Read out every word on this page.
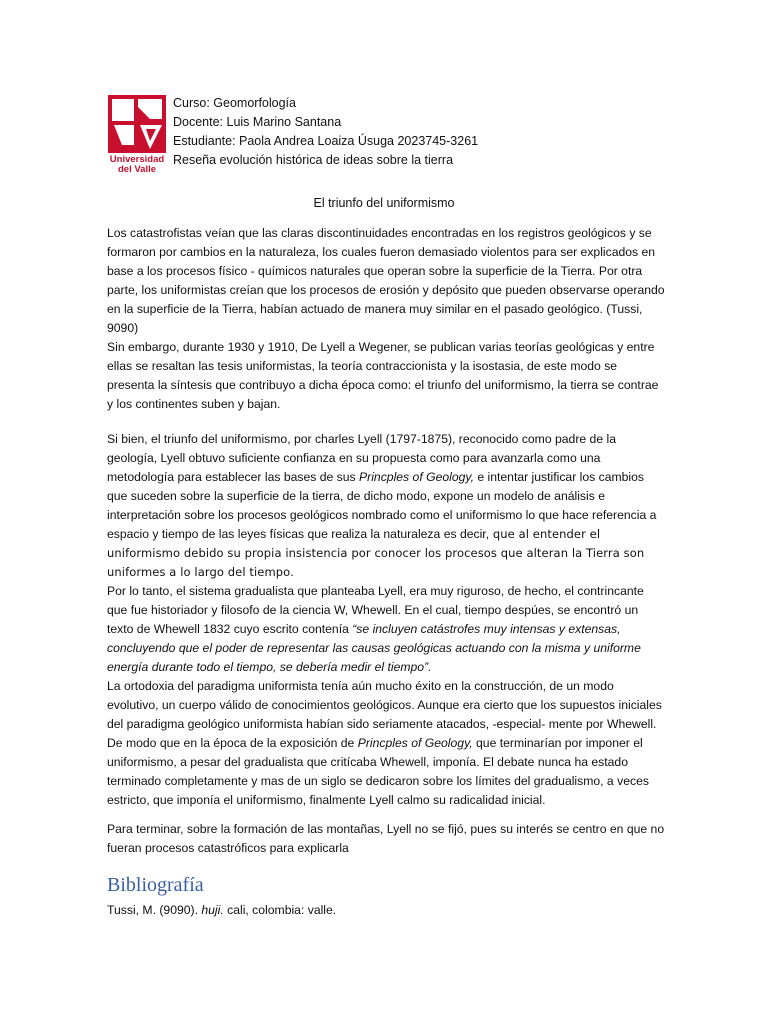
Universidad
del Valle
Curso: Geomorfología
Docente: Luis Marino Santana
Estudiante: Paola Andrea Loaiza Úsuga 2023745-3261
Reseña evolución histórica de ideas sobre la tierra
El triunfo del uniformismo

Los catastrofistas veían que las claras discontinuidades encontradas en los registros geológicos y se formaron por cambios en la naturaleza, los cuales fueron demasiado violentos para ser explicados en base a los procesos físico - químicos naturales que operan sobre la superficie de la Tierra. Por otra parte, los uniformistas creían que los procesos de erosión y depósito que pueden observarse operando en la superficie de la Tierra, habían actuado de manera muy similar en el pasado geológico. (Tussi, 9090)

Sin embargo, durante 1930 y 1910, De Lyell a Wegener, se publican varias teorías geológicas y entre ellas se resaltan las tesis uniformistas, la teoría contraccionista y la isostasia, de este modo se presenta la síntesis que contribuyo a dicha época como: el triunfo del uniformismo, la tierra se contrae y los continentes suben y bajan.

Si bien, el triunfo del uniformismo, por charles Lyell (1797-1875), reconocido como padre de la geología, Lyell obtuvo suficiente confianza en su propuesta como para avanzarla como una metodología para establecer las bases de sus Princples of Geology, e intentar justificar los cambios que suceden sobre la superficie de la tierra, de dicho modo, expone un modelo de análisis e interpretación sobre los procesos geológicos nombrado como el uniformismo lo que hace referencia a espacio y tiempo de las leyes físicas que realiza la naturaleza es decir, que al entender el uniformismo debido su propia insistencia por conocer los procesos que alteran la Tierra son uniformes a lo largo del tiempo.

Por lo tanto, el sistema gradualista que planteaba Lyell, era muy riguroso, de hecho, el contrincante que fue historiador y filosofo de la ciencia W, Whewell. En el cual, tiempo despúes, se encontró un texto de Whewell 1832 cuyo escrito contenía “se incluyen catástrofes muy intensas y extensas, concluyendo que el poder de representar las causas geológicas actuando con la misma y uniforme energía durante todo el tiempo, se debería medir el tiempo”.

La ortodoxia del paradigma uniformista tenía aún mucho éxito en la construcción, de un modo evolutivo, un cuerpo válido de conocimientos geológicos. Aunque era cierto que los supuestos iniciales del paradigma geológico uniformista habían sido seriamente atacados, -especial- mente por Whewell.

De modo que en la época de la exposición de Princples of Geology, que terminarían por imponer el uniformismo, a pesar del gradualista que critícaba Whewell, imponía. El debate nunca ha estado terminado completamente y mas de un siglo se dedicaron sobre los límites del gradualismo, a veces estricto, que imponía el uniformismo, finalmente Lyell calmo su radicalidad inicial.

Para terminar, sobre la formación de las montañas, Lyell no se fijó, pues su interés se centro en que no fueran procesos catastróficos para explicarla

Bibliografía
Tussi, M. (9090). huji. cali, colombia: valle.
